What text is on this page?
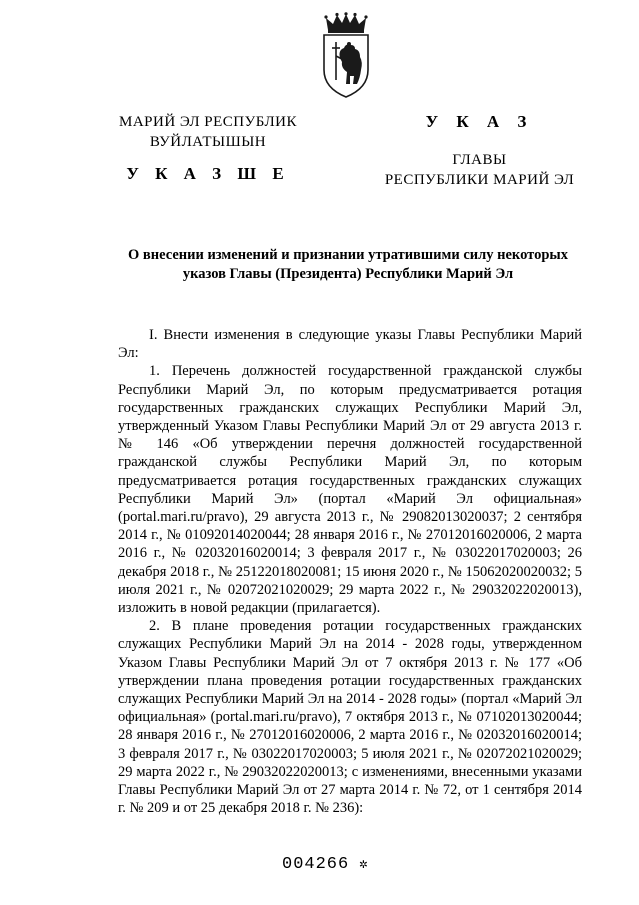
МАРИЙ ЭЛ РЕСПУБЛИК
ВУЙЛАТЫШЫН
У К А З Ш Е
У К А З
ГЛАВЫ
РЕСПУБЛИКИ МАРИЙ ЭЛ
О внесении изменений и признании утратившими силу некоторых указов Главы (Президента) Республики Марий Эл

I. Внести изменения в следующие указы Главы Республики Марий Эл:

1. Перечень должностей государственной гражданской службы Республики Марий Эл, по которым предусматривается ротация государственных гражданских служащих Республики Марий Эл, утвержденный Указом Главы Республики Марий Эл от 29 августа 2013 г. № 146 «Об утверждении перечня должностей государственной гражданской службы Республики Марий Эл, по которым предусматривается ротация государственных гражданских служащих Республики Марий Эл» (портал «Марий Эл официальная» (portal.mari.ru/pravo), 29 августа 2013 г., № 29082013020037; 2 сентября 2014 г., № 01092014020044; 28 января 2016 г., № 27012016020006, 2 марта 2016 г., № 02032016020014; 3 февраля 2017 г., № 03022017020003; 26 декабря 2018 г., № 25122018020081; 15 июня 2020 г., № 15062020020032; 5 июля 2021 г., № 02072021020029; 29 марта 2022 г., № 29032022020013), изложить в новой редакции (прилагается).

2. В плане проведения ротации государственных гражданских служащих Республики Марий Эл на 2014 - 2028 годы, утвержденном Указом Главы Республики Марий Эл от 7 октября 2013 г. № 177 «Об утверждении плана проведения ротации государственных гражданских служащих Республики Марий Эл на 2014 - 2028 годы» (портал «Марий Эл официальная» (portal.mari.ru/pravo), 7 октября 2013 г., № 07102013020044; 28 января 2016 г., № 27012016020006, 2 марта 2016 г., № 02032016020014; 3 февраля 2017 г., № 03022017020003; 5 июля 2021 г., № 02072021020029; 29 марта 2022 г., № 29032022020013; с изменениями, внесенными указами Главы Республики Марий Эл от 27 марта 2014 г. № 72, от 1 сентября 2014 г. № 209 и от 25 декабря 2018 г. № 236):

004266 ✲
